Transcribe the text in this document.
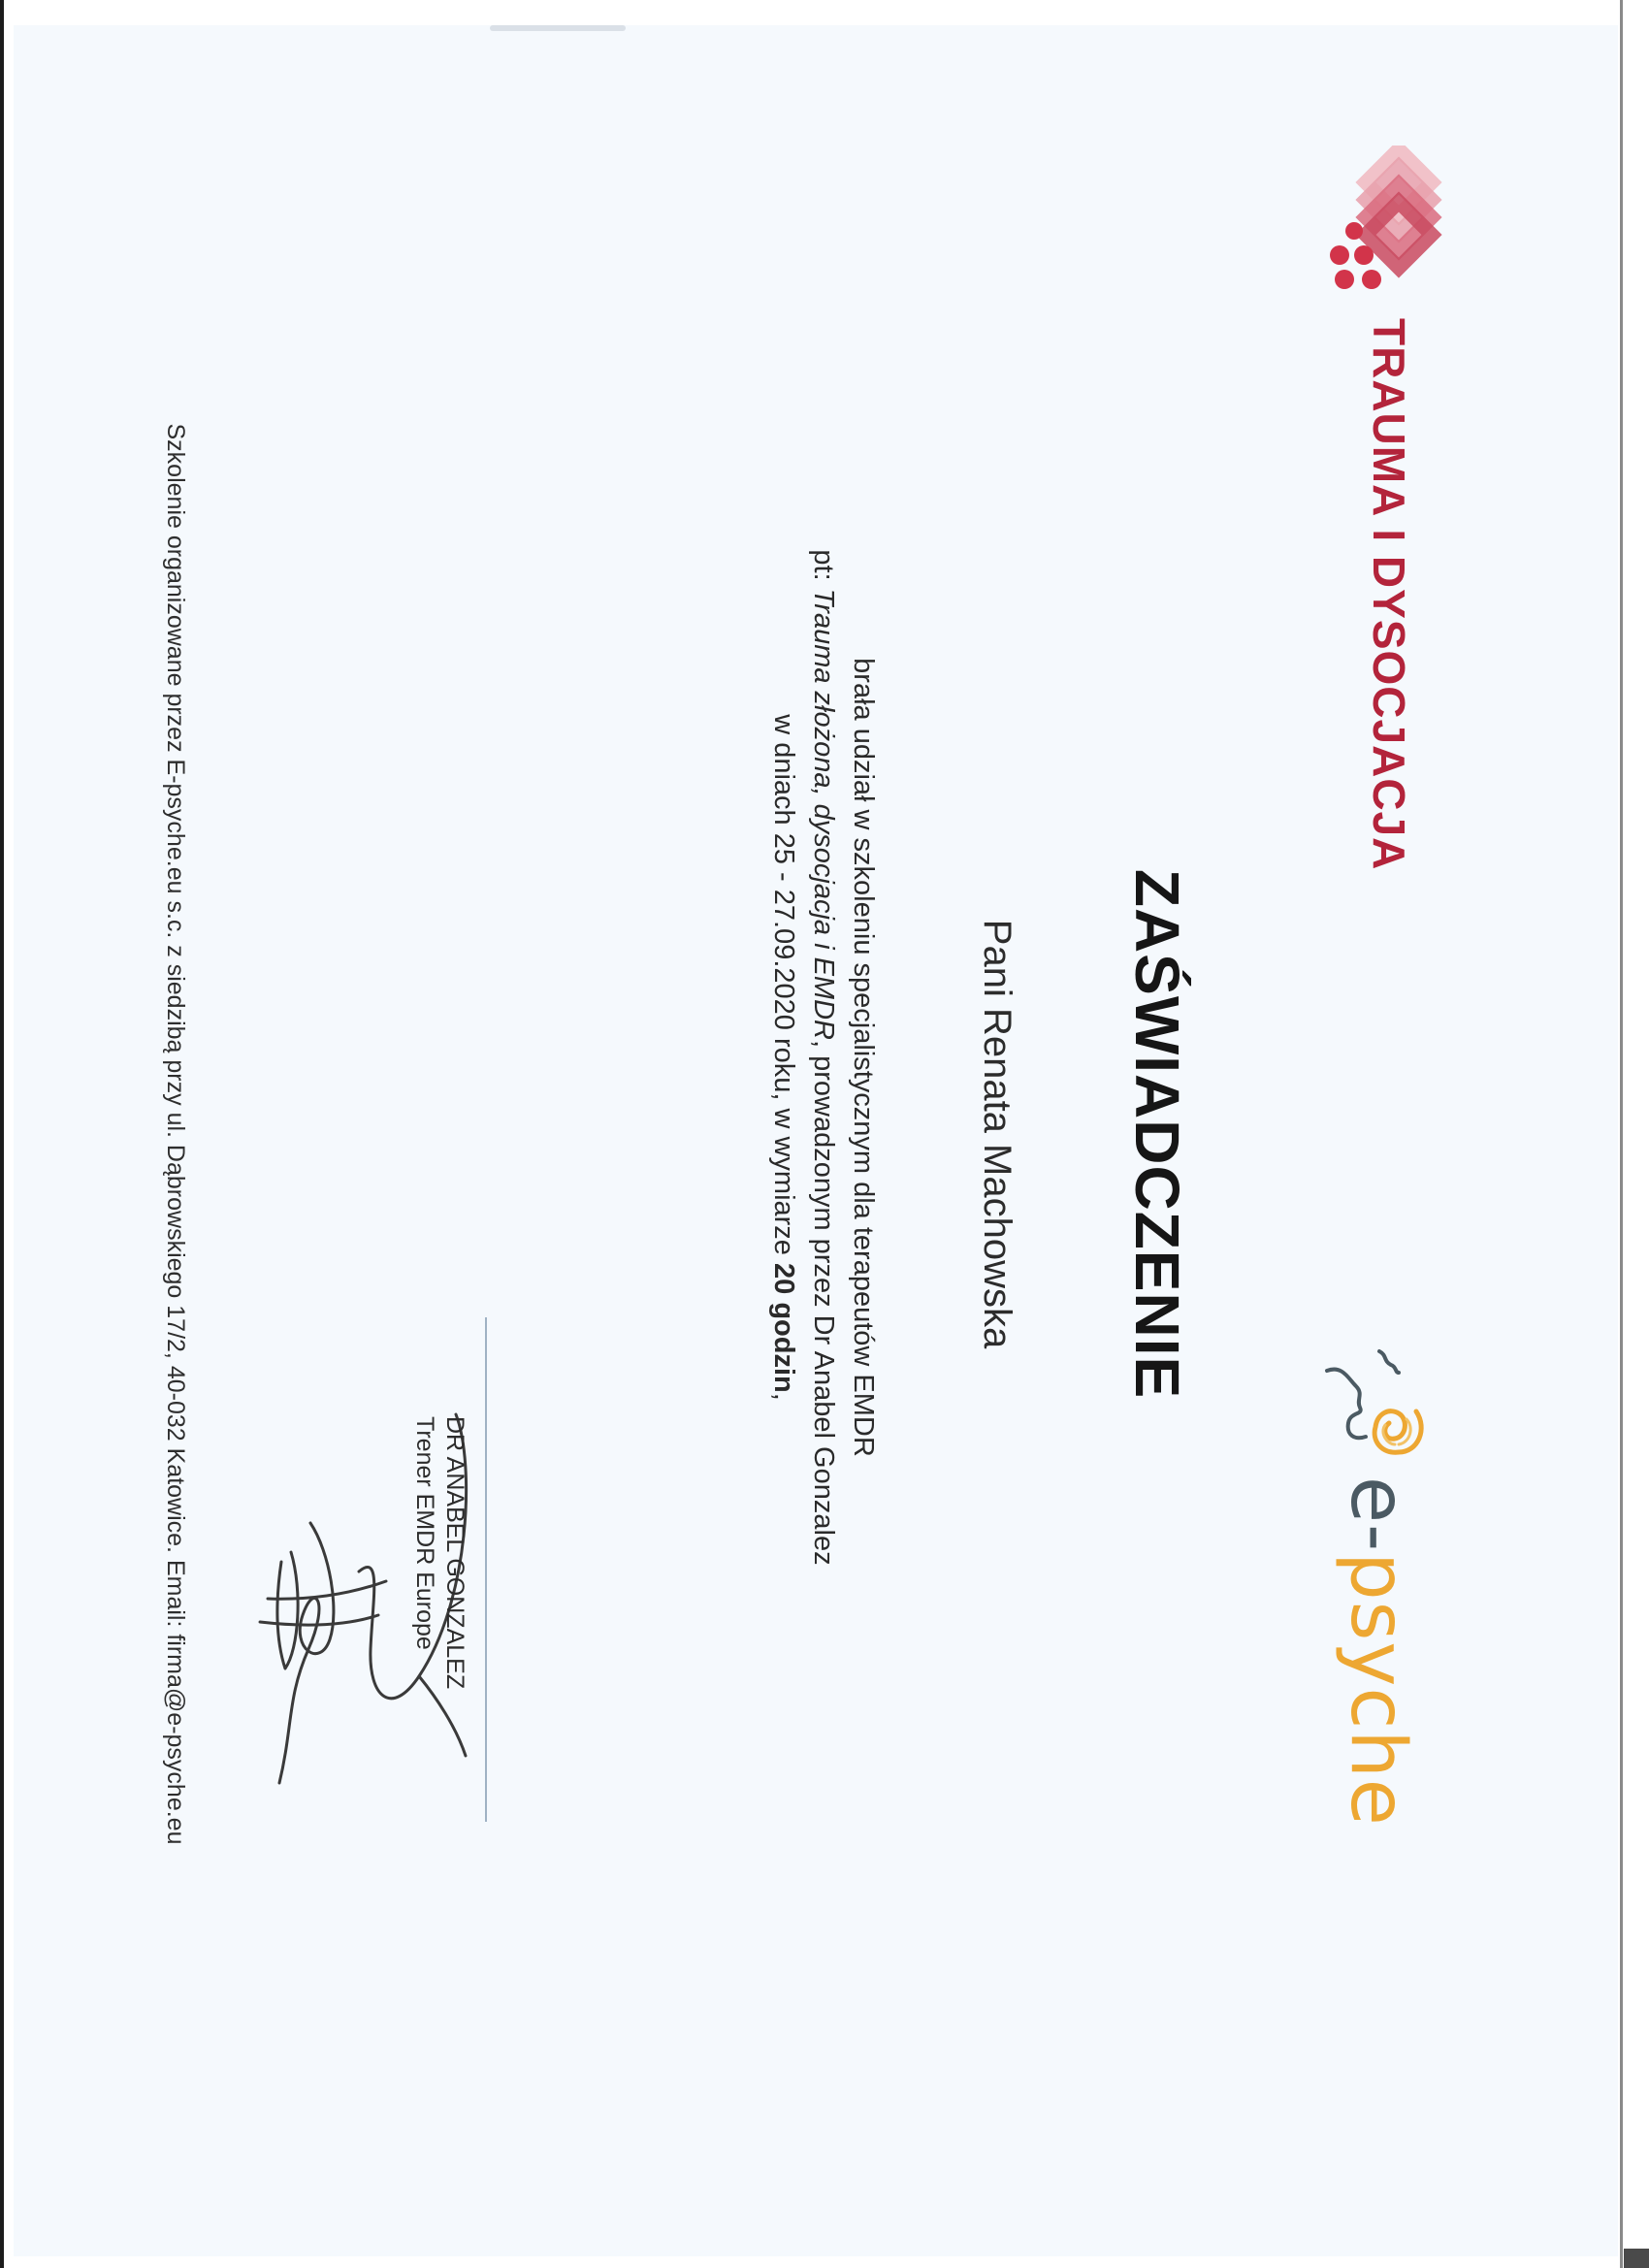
TRAUMA I DYSOCJACJA
e-psyche
ZAŚWIADCZENIE
Pani Renata Machowska

brała udział w szkoleniu specjalistycznym dla terapeutów EMDR

pt: Trauma złożona, dysocjacja i EMDR, prowadzonym przez Dr Anabel Gonzalez

w dniach 25 - 27.09.2020 roku, w wymiarze 20 godzin,

DR ANABEL GONZALEZ
Trener EMDR Europe
Szkolenie organizowane przez E-psyche.eu s.c. z siedzibą przy ul. Dąbrowskiego 17/2, 40-032 Katowice. Email: firma@e-psyche.eu
